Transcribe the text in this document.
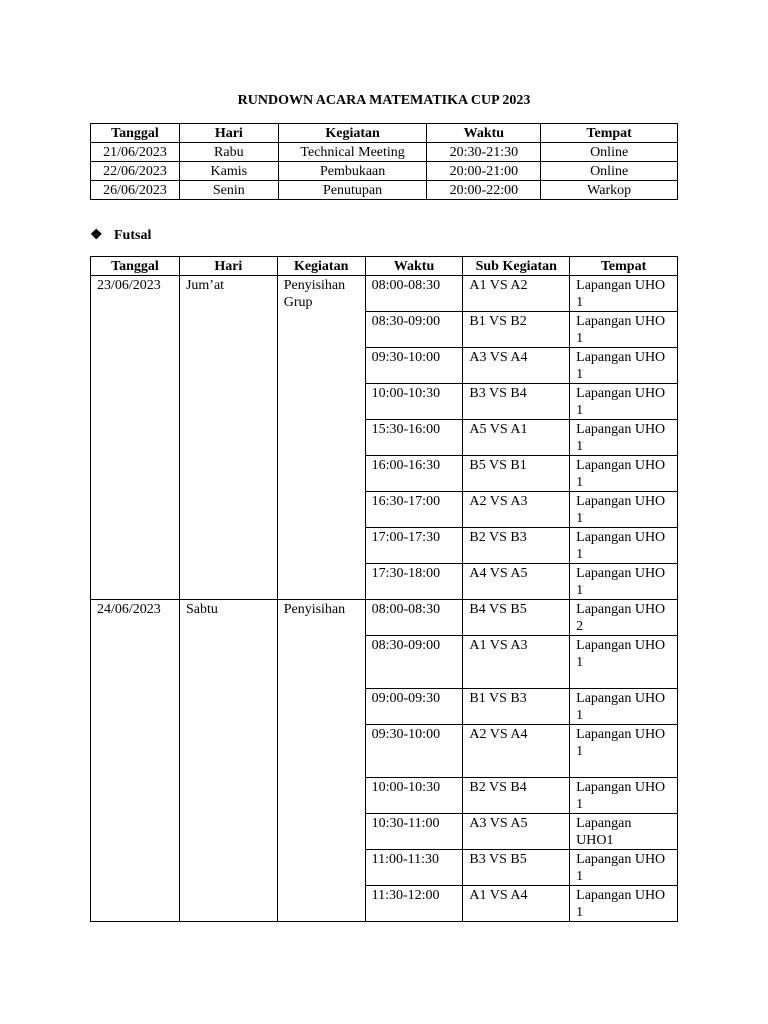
RUNDOWN ACARA MATEMATIKA CUP 2023
Tanggal	Hari	Kegiatan	Waktu	Tempat
21/06/2023	Rabu	Technical Meeting	20:30-21:30	Online
22/06/2023	Kamis	Pembukaan	20:00-21:00	Online
26/06/2023	Senin	Penutupan	20:00-22:00	Warkop
❖ Futsal
Tanggal	Hari	Kegiatan	Waktu	Sub Kegiatan	Tempat
23/06/2023	Jum’at	Penyisihan Grup	08:00-08:30	A1 VS A2	Lapangan UHO 1
			08:30-09:00	B1 VS B2	Lapangan UHO 1
			09:30-10:00	A3 VS A4	Lapangan UHO 1
			10:00-10:30	B3 VS B4	Lapangan UHO 1
			15:30-16:00	A5 VS A1	Lapangan UHO 1
			16:00-16:30	B5 VS B1	Lapangan UHO 1
			16:30-17:00	A2 VS A3	Lapangan UHO 1
			17:00-17:30	B2 VS B3	Lapangan UHO 1
			17:30-18:00	A4 VS A5	Lapangan UHO 1
24/06/2023	Sabtu	Penyisihan	08:00-08:30	B4 VS B5	Lapangan UHO 2
			08:30-09:00	A1 VS A3	Lapangan UHO 1
			09:00-09:30	B1 VS B3	Lapangan UHO 1
			09:30-10:00	A2 VS A4	Lapangan UHO 1
			10:00-10:30	B2 VS B4	Lapangan UHO 1
			10:30-11:00	A3 VS A5	Lapangan UHO1
			11:00-11:30	B3 VS B5	Lapangan UHO 1
			11:30-12:00	A1 VS A4	Lapangan UHO 1
